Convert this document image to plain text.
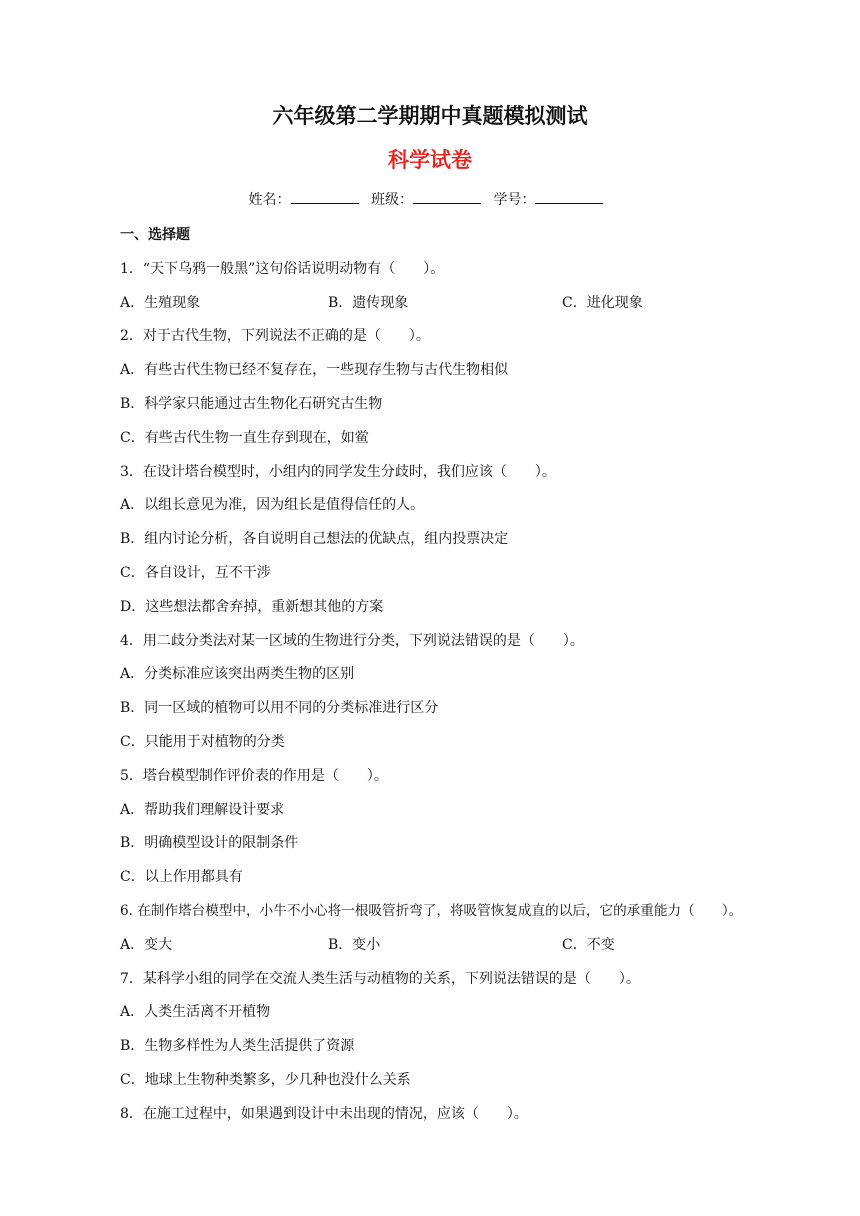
六年级第二学期期中真题模拟测试
科学试卷
姓名：	班级：	学号：
一、选择题
1．“天下乌鸦一般黑”这句俗话说明动物有（　　）。
A．生殖现象	B．遗传现象	C．进化现象
2．对于古代生物，下列说法不正确的是（　　）。
A．有些古代生物已经不复存在，一些现存生物与古代生物相似
B．科学家只能通过古生物化石研究古生物
C．有些古代生物一直生存到现在，如鲎
3．在设计塔台模型时，小组内的同学发生分歧时，我们应该（　　）。
A．以组长意见为准，因为组长是值得信任的人。
B．组内讨论分析，各自说明自己想法的优缺点，组内投票决定
C．各自设计，互不干涉
D．这些想法都舍弃掉，重新想其他的方案
4．用二歧分类法对某一区域的生物进行分类，下列说法错误的是（　　）。
A．分类标准应该突出两类生物的区别
B．同一区域的植物可以用不同的分类标准进行区分
C．只能用于对植物的分类
5．塔台模型制作评价表的作用是（　　）。
A．帮助我们理解设计要求
B．明确模型设计的限制条件
C．以上作用都具有
6. 在制作塔台模型中，小牛不小心将一根吸管折弯了，将吸管恢复成直的以后，它的承重能力（　　）。
A．变大	B．变小	C．不变
7．某科学小组的同学在交流人类生活与动植物的关系，下列说法错误的是（　　）。
A．人类生活离不开植物
B．生物多样性为人类生活提供了资源
C．地球上生物种类繁多，少几种也没什么关系
8．在施工过程中，如果遇到设计中未出现的情况，应该（　　）。
